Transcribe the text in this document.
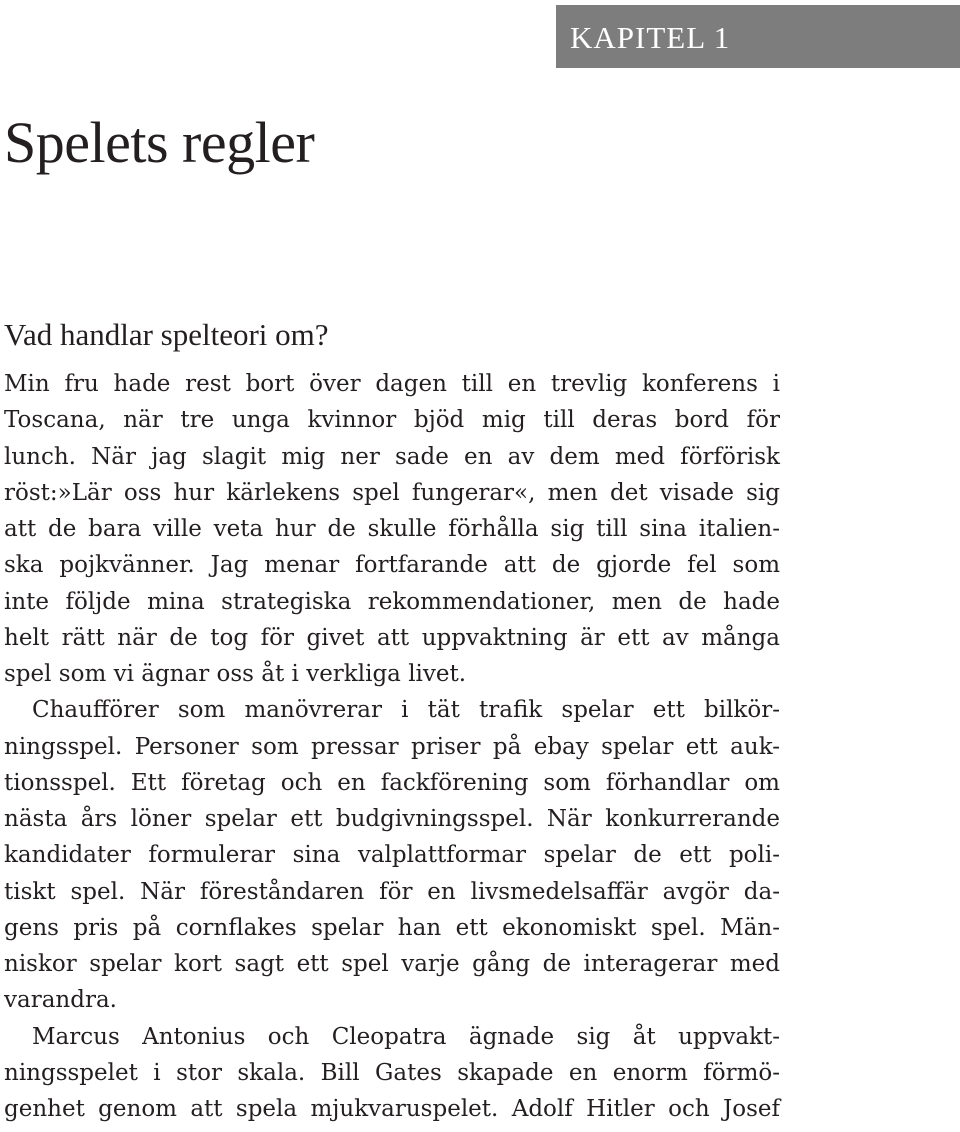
KAPITEL 1
Spelets regler
Vad handlar spelteori om?
Min fru hade rest bort över dagen till en trevlig konferens i
Toscana, när tre unga kvinnor bjöd mig till deras bord för
lunch. När jag slagit mig ner sade en av dem med förförisk
röst:»Lär oss hur kärlekens spel fungerar«, men det visade sig
att de bara ville veta hur de skulle förhålla sig till sina italien-
ska pojkvänner. Jag menar fortfarande att de gjorde fel som
inte följde mina strategiska rekommendationer, men de hade
helt rätt när de tog för givet att uppvaktning är ett av många
spel som vi ägnar oss åt i verkliga livet.
Chaufförer som manövrerar i tät trafik spelar ett bilkör-
ningsspel. Personer som pressar priser på ebay spelar ett auk-
tionsspel. Ett företag och en fackförening som förhandlar om
nästa års löner spelar ett budgivningsspel. När konkurrerande
kandidater formulerar sina valplattformar spelar de ett poli-
tiskt spel. När föreståndaren för en livsmedelsaffär avgör da-
gens pris på cornflakes spelar han ett ekonomiskt spel. Män-
niskor spelar kort sagt ett spel varje gång de interagerar med
varandra.
Marcus Antonius och Cleopatra ägnade sig åt uppvakt-
ningsspelet i stor skala. Bill Gates skapade en enorm förmö-
genhet genom att spela mjukvaruspelet. Adolf Hitler och Josef
